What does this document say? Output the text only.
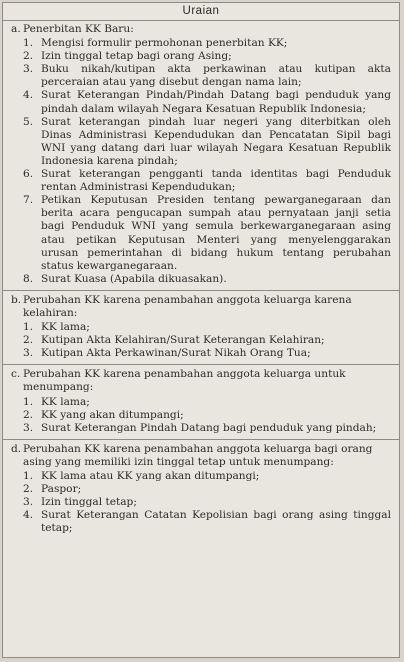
Uraian
a. Penerbitan KK Baru:
1. Mengisi formulir permohonan penerbitan KK;
2. Izin tinggal tetap bagi orang Asing;
3. Buku nikah/kutipan akta perkawinan atau kutipan akta perceraian atau yang disebut dengan nama lain;
4. Surat Keterangan Pindah/Pindah Datang bagi penduduk yang pindah dalam wilayah Negara Kesatuan Republik Indonesia;
5. Surat keterangan pindah luar negeri yang diterbitkan oleh Dinas Administrasi Kependudukan dan Pencatatan Sipil bagi WNI yang datang dari luar wilayah Negara Kesatuan Republik Indonesia karena pindah;
6. Surat keterangan pengganti tanda identitas bagi Penduduk rentan Administrasi Kependudukan;
7. Petikan Keputusan Presiden tentang pewarganegaraan dan berita acara pengucapan sumpah atau pernyataan janji setia bagi Penduduk WNI yang semula berkewarganegaraan asing atau petikan Keputusan Menteri yang menyelenggarakan urusan pemerintahan di bidang hukum tentang perubahan status kewarganegaraan.
8. Surat Kuasa (Apabila dikuasakan).
b. Perubahan KK karena penambahan anggota keluarga karena kelahiran:
1. KK lama;
2. Kutipan Akta Kelahiran/Surat Keterangan Kelahiran;
3. Kutipan Akta Perkawinan/Surat Nikah Orang Tua;
c. Perubahan KK karena penambahan anggota keluarga untuk menumpang:
1. KK lama;
2. KK yang akan ditumpangi;
3. Surat Keterangan Pindah Datang bagi penduduk yang pindah;
d. Perubahan KK karena penambahan anggota keluarga bagi orang asing yang memiliki izin tinggal tetap untuk menumpang:
1. KK lama atau KK yang akan ditumpangi;
2. Paspor;
3. Izin tinggal tetap;
4. Surat Keterangan Catatan Kepolisian bagi orang asing tinggal tetap;
